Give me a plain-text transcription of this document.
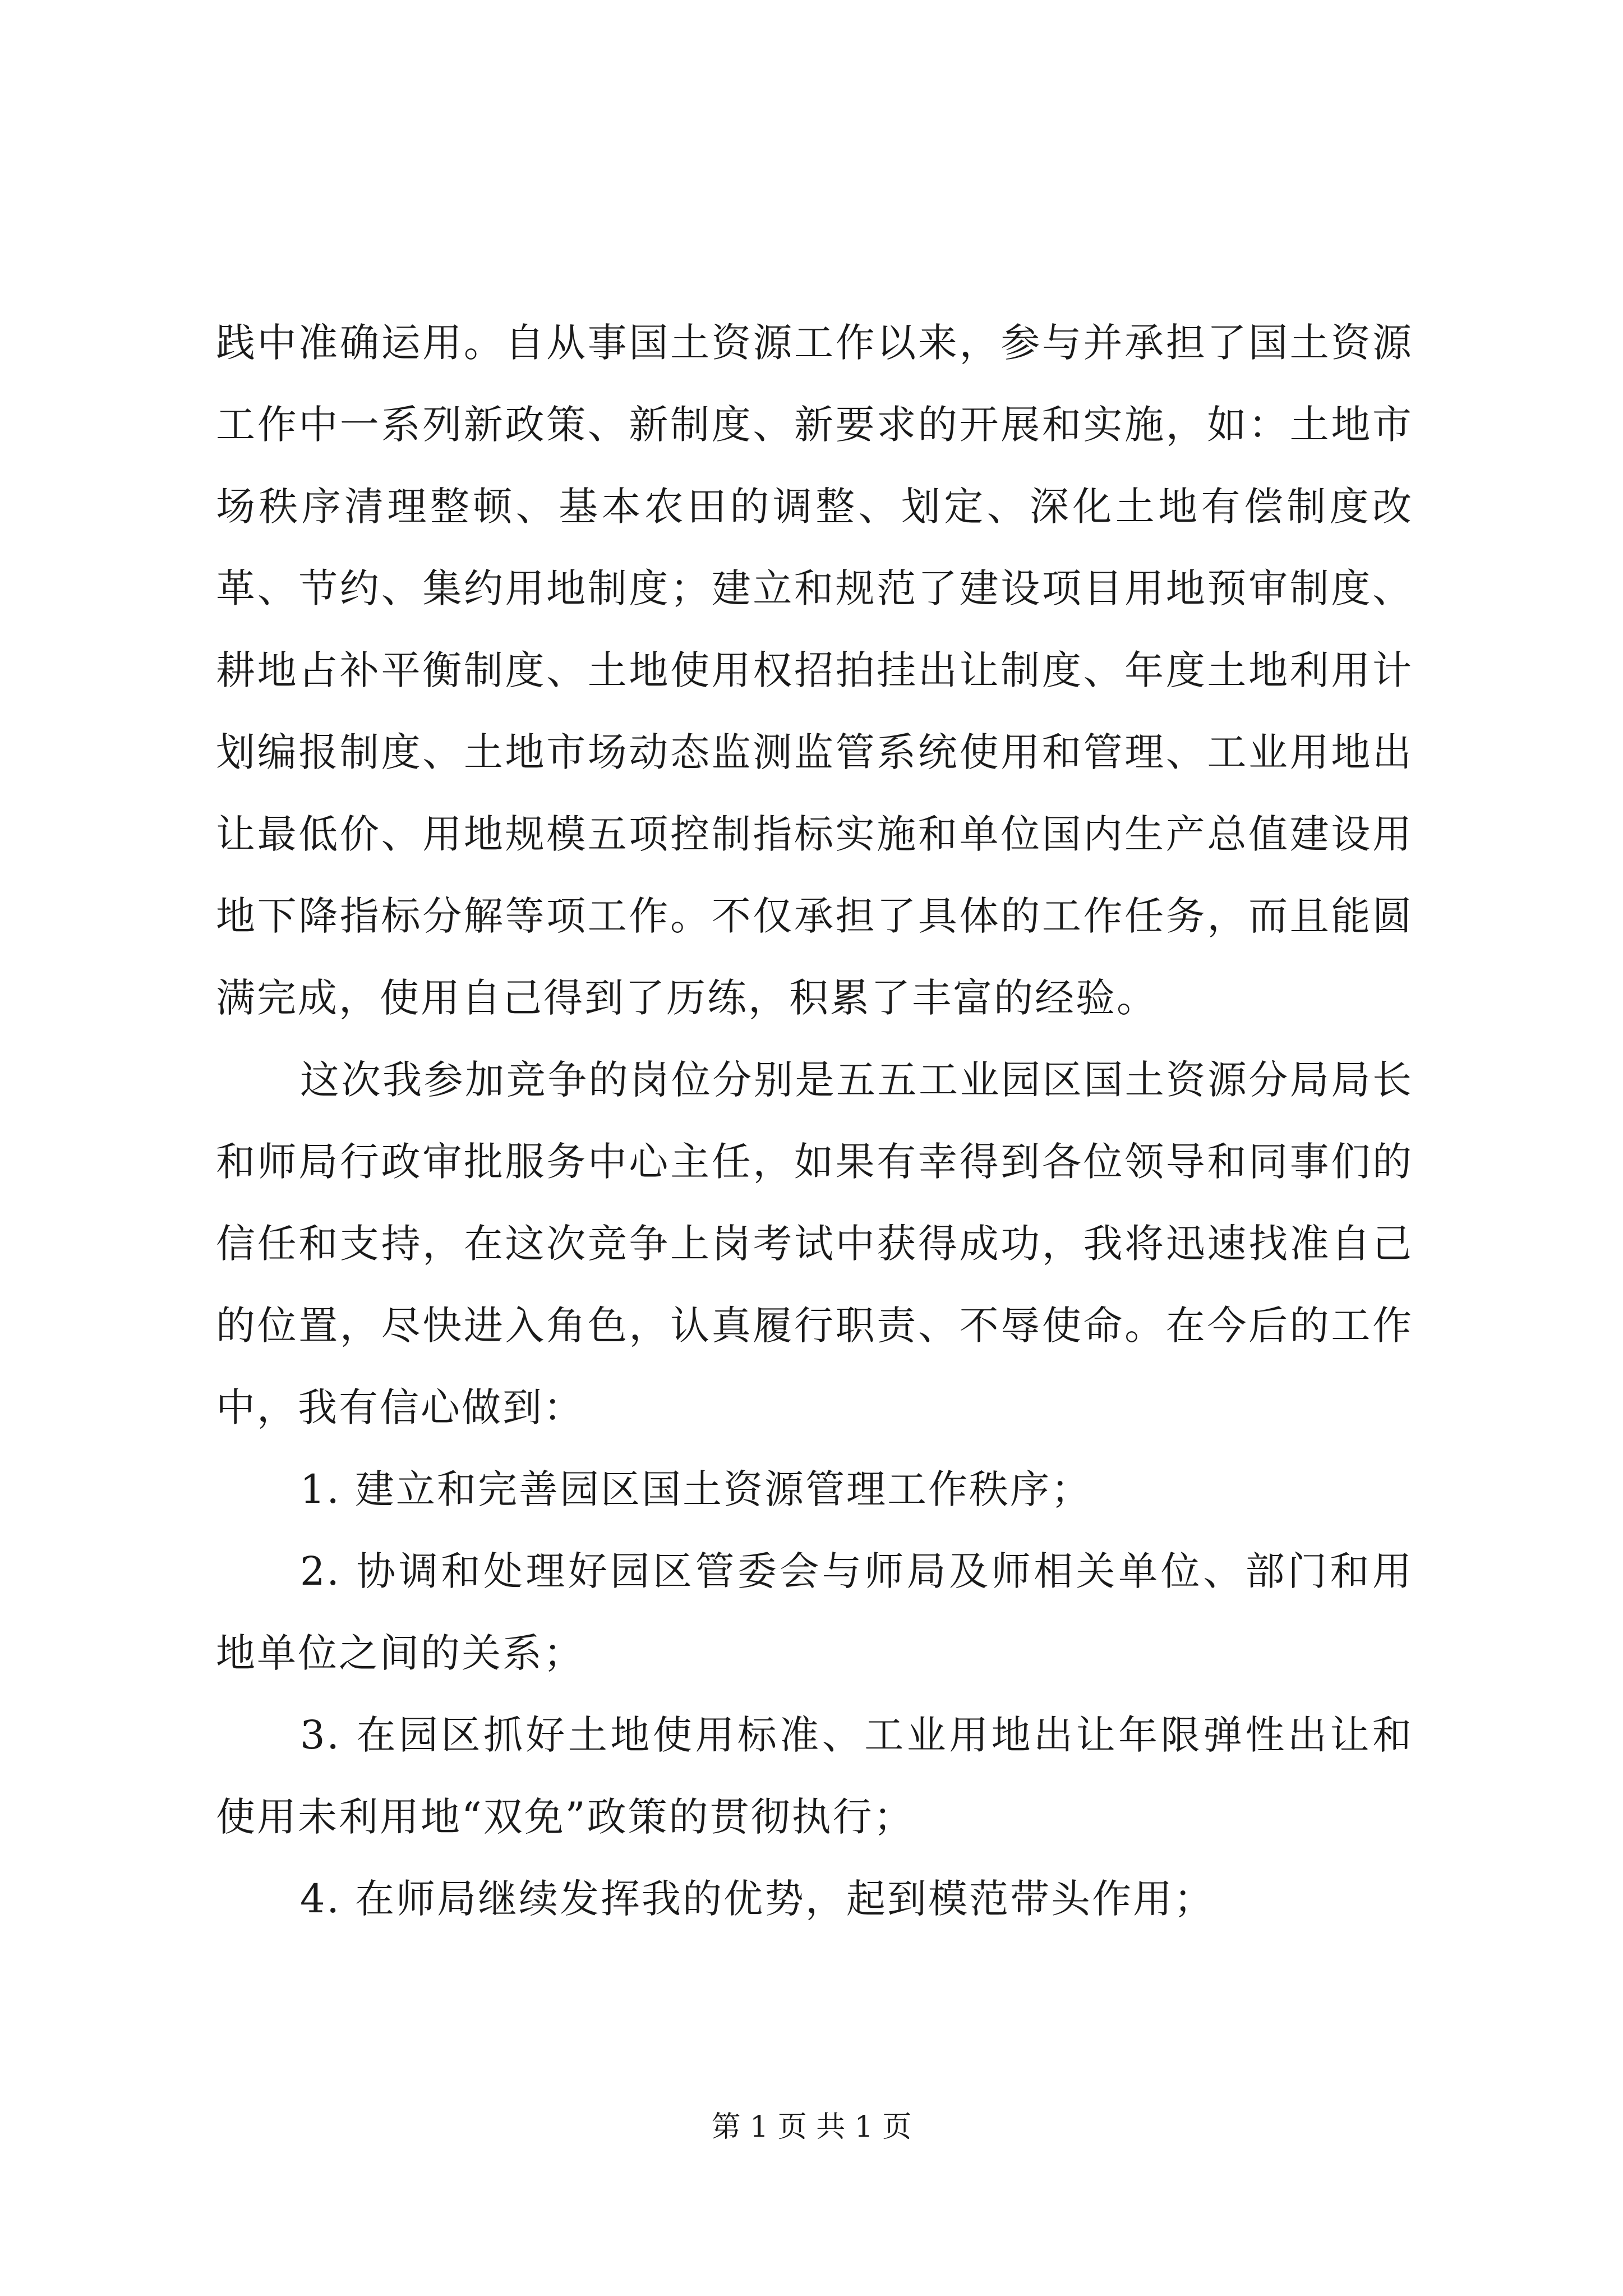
践中准确运用。自从事国土资源工作以来，参与并承担了国土资源工作中一系列新政策、新制度、新要求的开展和实施，如：土地市场秩序清理整顿、基本农田的调整、划定、深化土地有偿制度改革、节约、集约用地制度；建立和规范了建设项目用地预审制度、耕地占补平衡制度、土地使用权招拍挂出让制度、年度土地利用计划编报制度、土地市场动态监测监管系统使用和管理、工业用地出让最低价、用地规模五项控制指标实施和单位国内生产总值建设用地下降指标分解等项工作。不仅承担了具体的工作任务，而且能圆满完成，使用自己得到了历练，积累了丰富的经验。

这次我参加竞争的岗位分别是五五工业园区国土资源分局局长和师局行政审批服务中心主任，如果有幸得到各位领导和同事们的信任和支持，在这次竞争上岗考试中获得成功，我将迅速找准自己的位置，尽快进入角色，认真履行职责、不辱使命。在今后的工作中，我有信心做到：

1. 建立和完善园区国土资源管理工作秩序；

2. 协调和处理好园区管委会与师局及师相关单位、部门和用地单位之间的关系；

3. 在园区抓好土地使用标准、工业用地出让年限弹性出让和使用未利用地“双免”政策的贯彻执行；

4. 在师局继续发挥我的优势，起到模范带头作用；

第 1 页 共 1 页
